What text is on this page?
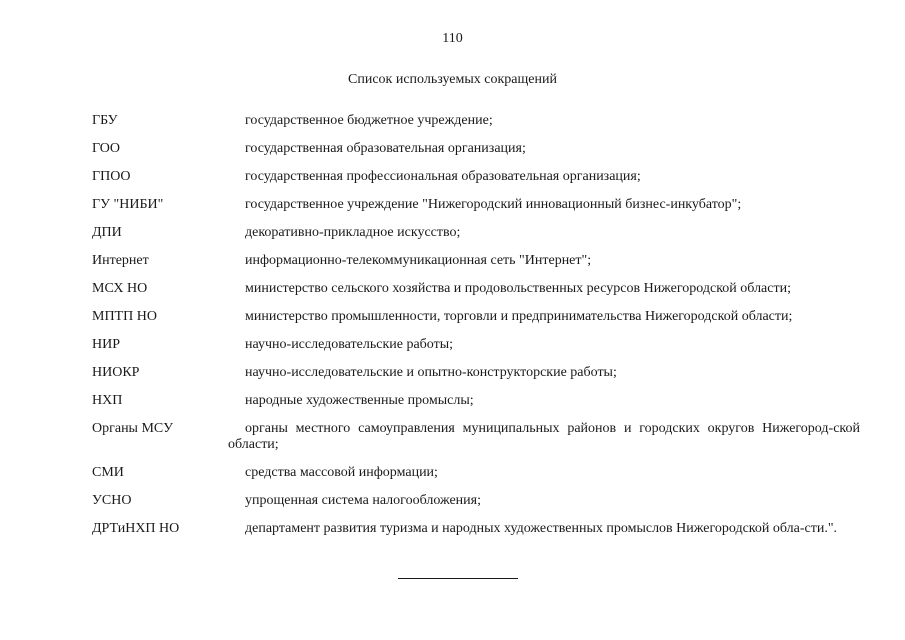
110
Список используемых сокращений
ГБУ	государственное бюджетное учреждение;
ГОО	государственная образовательная организация;
ГПОО	государственная профессиональная образовательная организация;
ГУ "НИБИ"	государственное учреждение "Нижегородский инновационный бизнес-инкубатор";
ДПИ	декоративно-прикладное искусство;
Интернет	информационно-телекоммуникационная сеть "Интернет";
МСХ НО	министерство сельского хозяйства и продовольственных ресурсов Нижегородской области;
МПТП НО	министерство промышленности, торговли и предпринимательства Нижегородской области;
НИР	научно-исследовательские работы;
НИОКР	научно-исследовательские и опытно-конструкторские работы;
НХП	народные художественные промыслы;
Органы МСУ	органы местного самоуправления муниципальных районов и городских округов Нижегород-ской области;
СМИ	средства массовой информации;
УСНО	упрощенная система налогообложения;
ДРТиНХП НО	департамент развития туризма и народных художественных промыслов Нижегородской обла-сти.".
